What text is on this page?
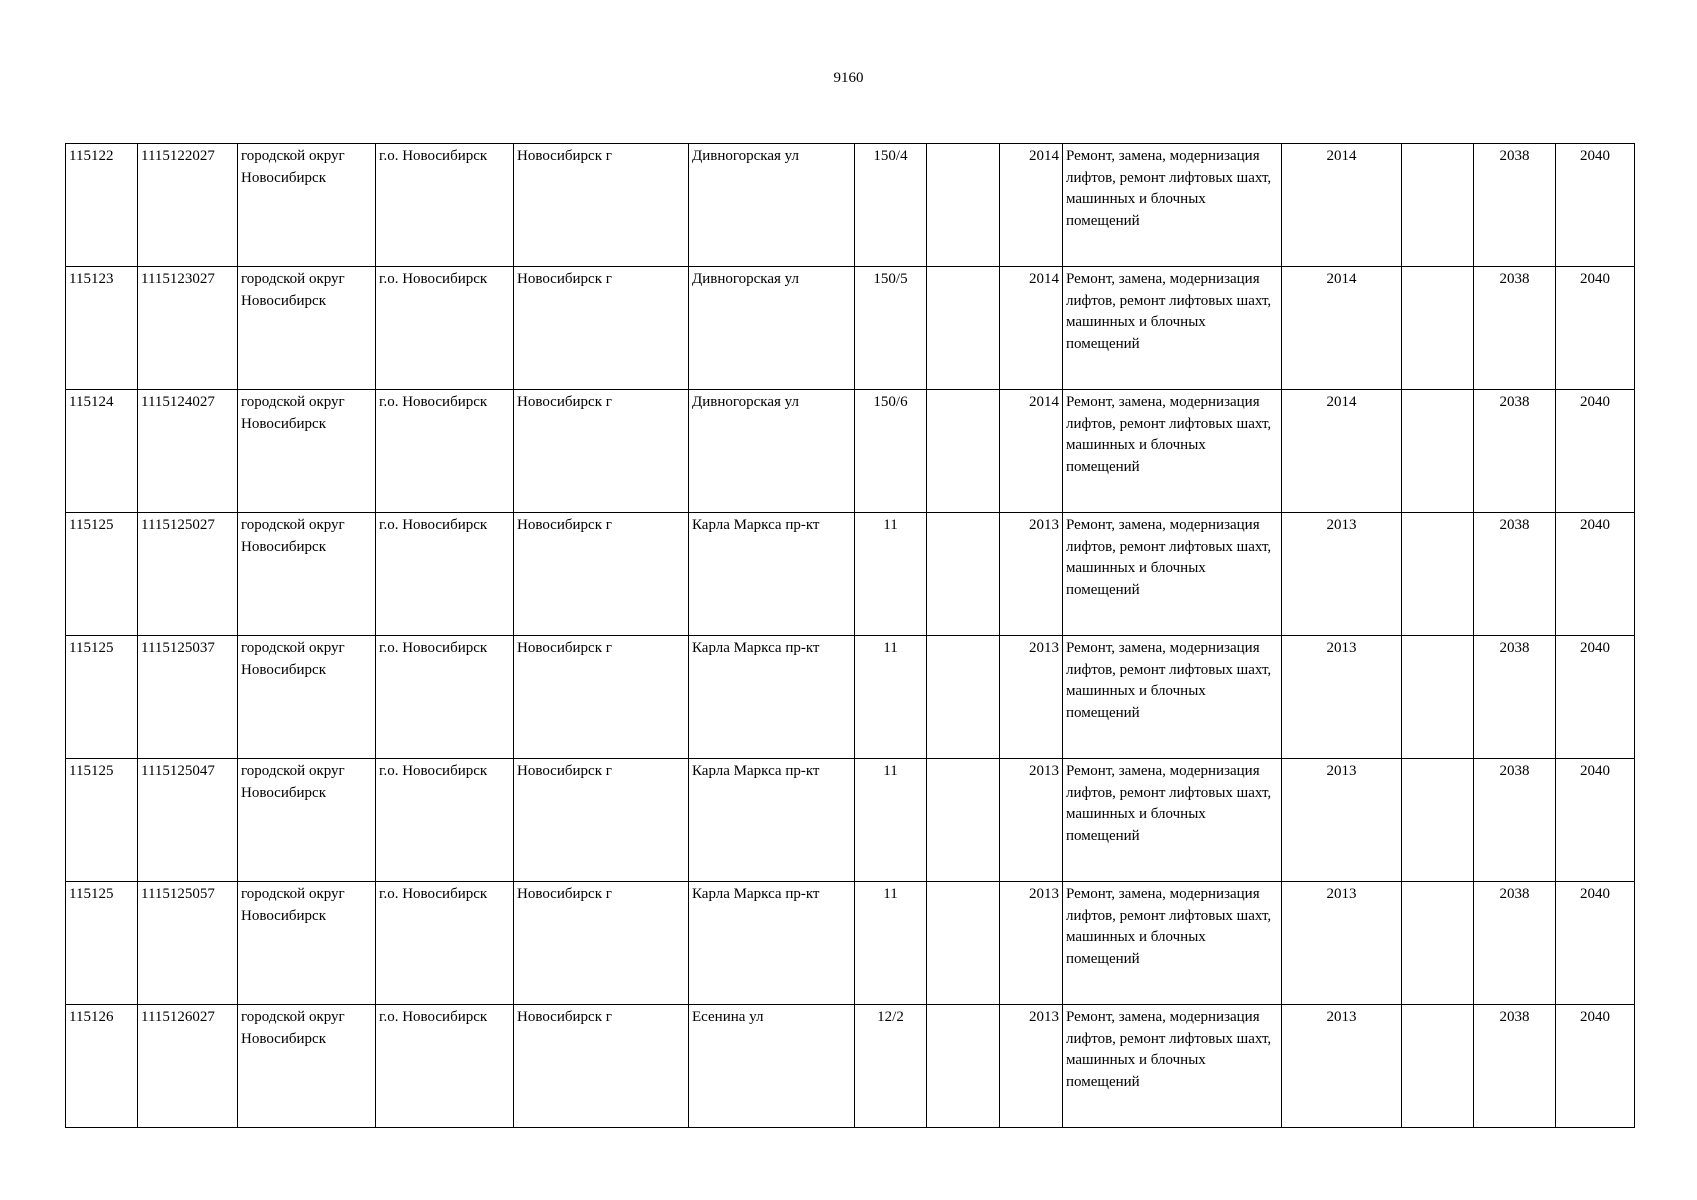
9160
115122	1115122027	городской округ Новосибирск	г.о. Новосибирск	Новосибирск г	Дивногорская ул	150/4		2014	Ремонт, замена, модернизация лифтов, ремонт лифтовых шахт, машинных и блочных помещений	2014		2038	2040
115123	1115123027	городской округ Новосибирск	г.о. Новосибирск	Новосибирск г	Дивногорская ул	150/5		2014	Ремонт, замена, модернизация лифтов, ремонт лифтовых шахт, машинных и блочных помещений	2014		2038	2040
115124	1115124027	городской округ Новосибирск	г.о. Новосибирск	Новосибирск г	Дивногорская ул	150/6		2014	Ремонт, замена, модернизация лифтов, ремонт лифтовых шахт, машинных и блочных помещений	2014		2038	2040
115125	1115125027	городской округ Новосибирск	г.о. Новосибирск	Новосибирск г	Карла Маркса пр-кт	11		2013	Ремонт, замена, модернизация лифтов, ремонт лифтовых шахт, машинных и блочных помещений	2013		2038	2040
115125	1115125037	городской округ Новосибирск	г.о. Новосибирск	Новосибирск г	Карла Маркса пр-кт	11		2013	Ремонт, замена, модернизация лифтов, ремонт лифтовых шахт, машинных и блочных помещений	2013		2038	2040
115125	1115125047	городской округ Новосибирск	г.о. Новосибирск	Новосибирск г	Карла Маркса пр-кт	11		2013	Ремонт, замена, модернизация лифтов, ремонт лифтовых шахт, машинных и блочных помещений	2013		2038	2040
115125	1115125057	городской округ Новосибирск	г.о. Новосибирск	Новосибирск г	Карла Маркса пр-кт	11		2013	Ремонт, замена, модернизация лифтов, ремонт лифтовых шахт, машинных и блочных помещений	2013		2038	2040
115126	1115126027	городской округ Новосибирск	г.о. Новосибирск	Новосибирск г	Есенина ул	12/2		2013	Ремонт, замена, модернизация лифтов, ремонт лифтовых шахт, машинных и блочных помещений	2013		2038	2040
